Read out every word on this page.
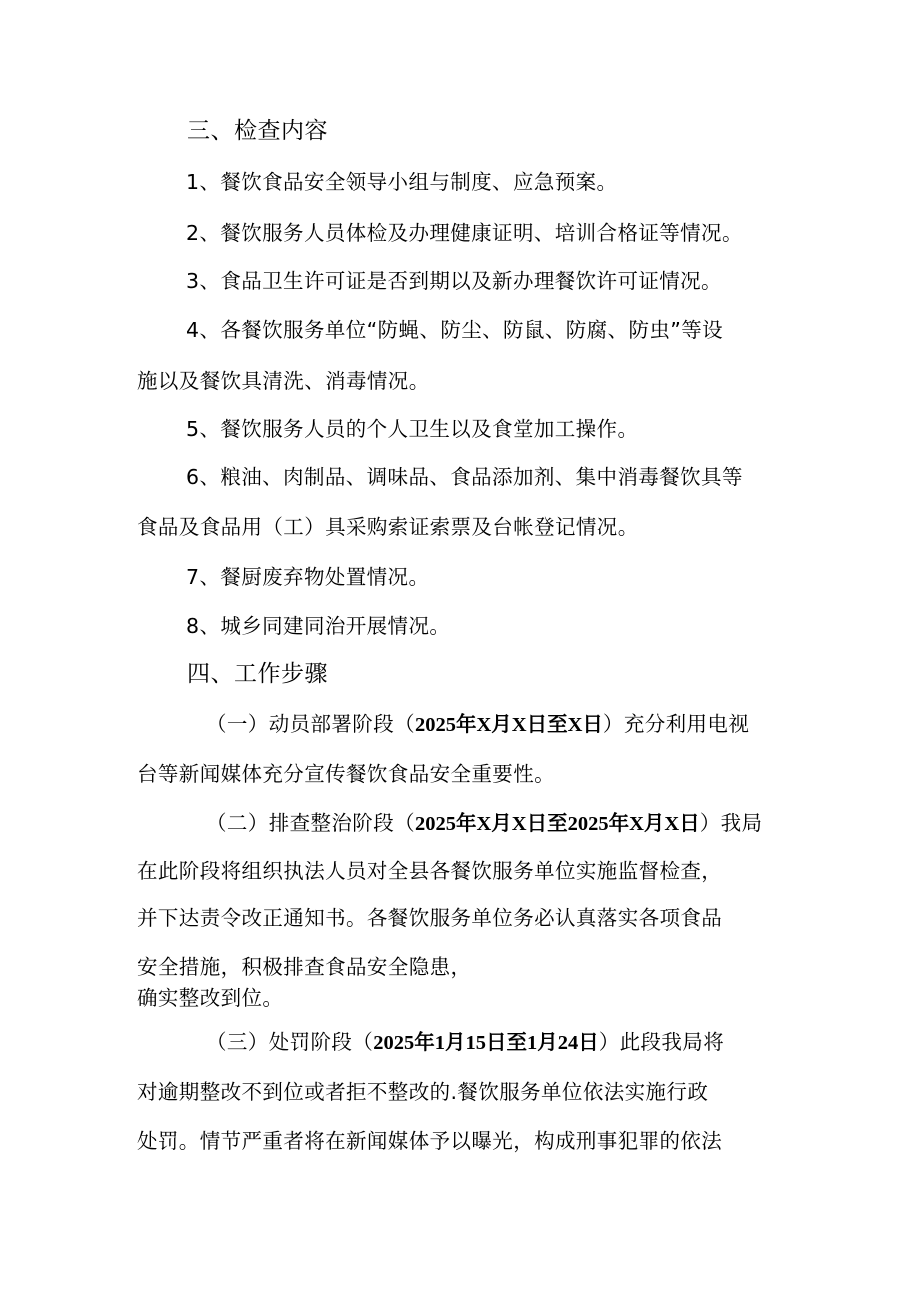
三、检查内容
1、餐饮食品安全领导小组与制度、应急预案。
2、餐饮服务人员体检及办理健康证明、培训合格证等情况。
3、食品卫生许可证是否到期以及新办理餐饮许可证情况。
4、各餐饮服务单位“防蝇、防尘、防鼠、防腐、防虫”等设
施以及餐饮具清洗、消毒情况。
5、餐饮服务人员的个人卫生以及食堂加工操作。
6、粮油、肉制品、调味品、食品添加剂、集中消毒餐饮具等
食品及食品用（工）具采购索证索票及台帐登记情况。
7、餐厨废弃物处置情况。
8、城乡同建同治开展情况。
四、工作步骤
（一）动员部署阶段（2025年X月X日至X日）充分利用电视
台等新闻媒体充分宣传餐饮食品安全重要性。
（二）排查整治阶段（2025年X月X日至2025年X月X日）我局
在此阶段将组织执法人员对全县各餐饮服务单位实施监督检查，
并下达责令改正通知书。各餐饮服务单位务必认真落实各项食品
安全措施，积极排查食品安全隐患，
确实整改到位。
（三）处罚阶段（2025年1月15日至1月24日）此段我局将
对逾期整改不到位或者拒不整改的.餐饮服务单位依法实施行政
处罚。情节严重者将在新闻媒体予以曝光，构成刑事犯罪的依法
